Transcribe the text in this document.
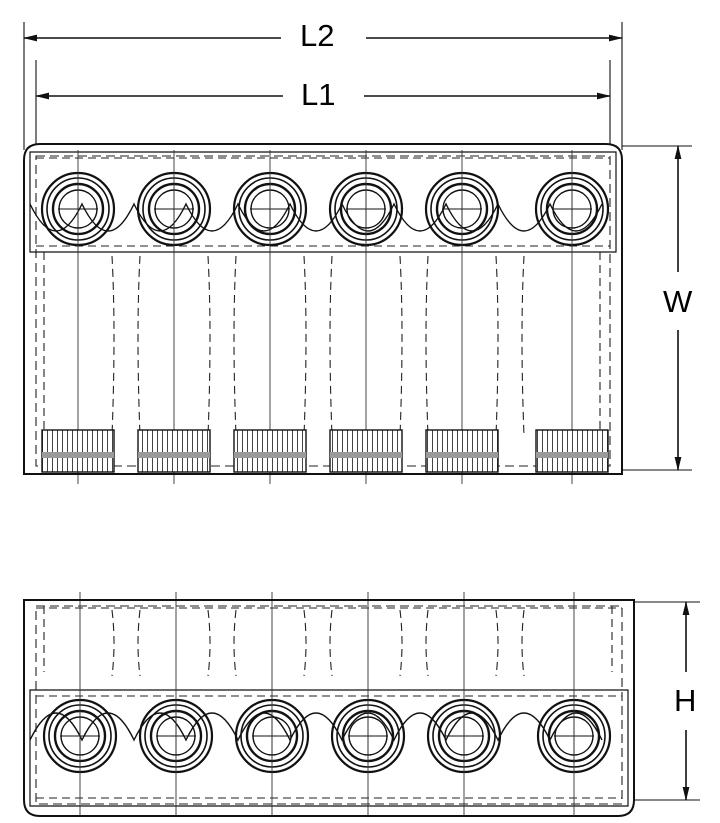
L2
L1
W
H
